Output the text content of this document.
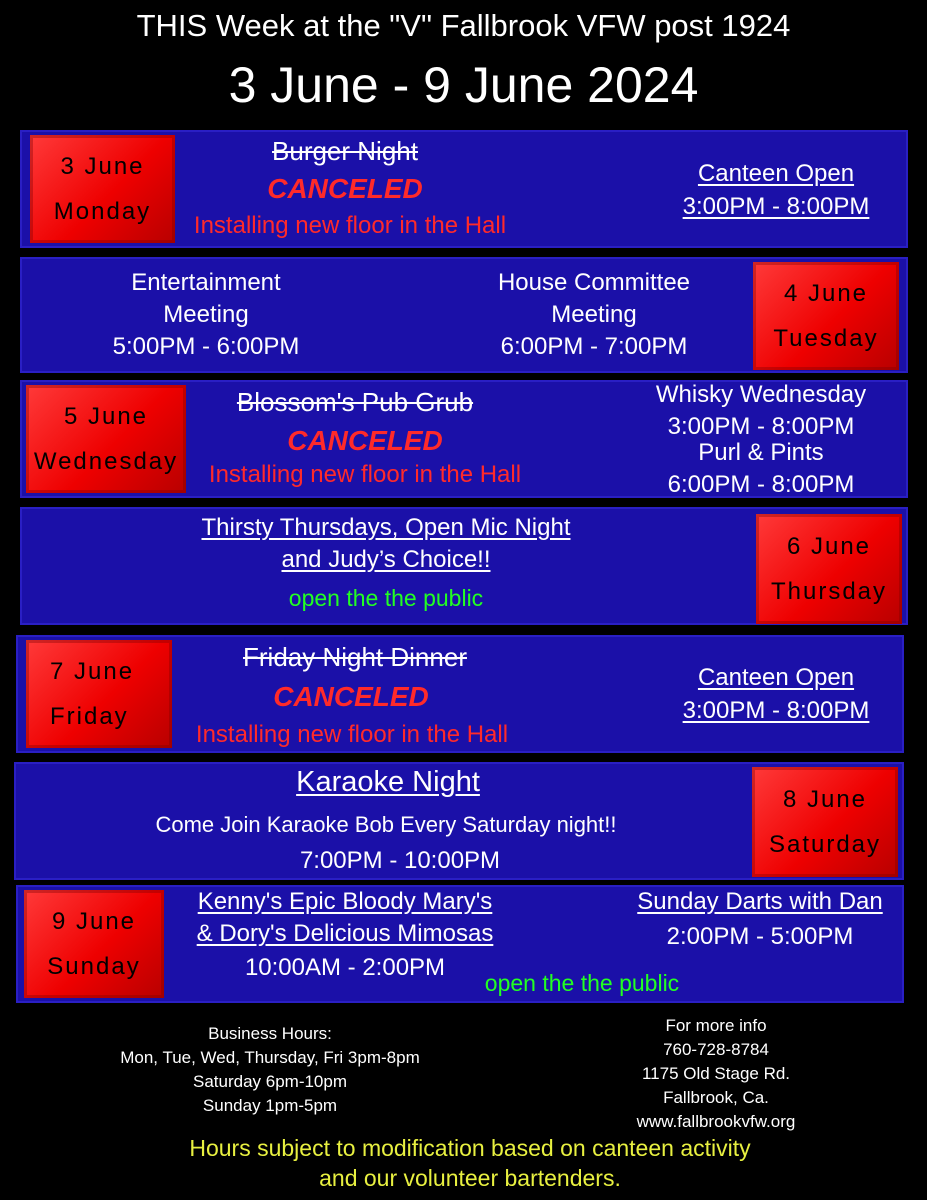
THIS Week at the "V" Fallbrook VFW post 1924
3 June - 9 June 2024
3 June
Monday
Burger Night
CANCELED
Installing new floor in the Hall
Canteen Open
3:00PM - 8:00PM
Entertainment
Meeting
5:00PM - 6:00PM
House Committee
Meeting
6:00PM - 7:00PM
4 June
Tuesday
5 June
Wednesday
Blossom's Pub Grub
CANCELED
Installing new floor in the Hall
Whisky Wednesday
3:00PM - 8:00PM
Purl & Pints
6:00PM - 8:00PM
Thirsty Thursdays, Open Mic Night
and Judy’s Choice!!
open the the public
6 June
Thursday
7 June
Friday
Friday Night Dinner
CANCELED
Installing new floor in the Hall
Canteen Open
3:00PM - 8:00PM
Karaoke Night
Come Join Karaoke Bob Every Saturday night!!
7:00PM - 10:00PM
8 June
Saturday
9 June
Sunday
Kenny's Epic Bloody Mary's
& Dory's Delicious Mimosas
10:00AM - 2:00PM
open the the public
Sunday Darts with Dan
2:00PM - 5:00PM
Business Hours:
Mon, Tue, Wed, Thursday, Fri 3pm-8pm
Saturday 6pm-10pm
Sunday 1pm-5pm
For more info
760-728-8784
1175 Old Stage Rd.
Fallbrook, Ca.
www.fallbrookvfw.org
Hours subject to modification based on canteen activity
and our volunteer bartenders.
